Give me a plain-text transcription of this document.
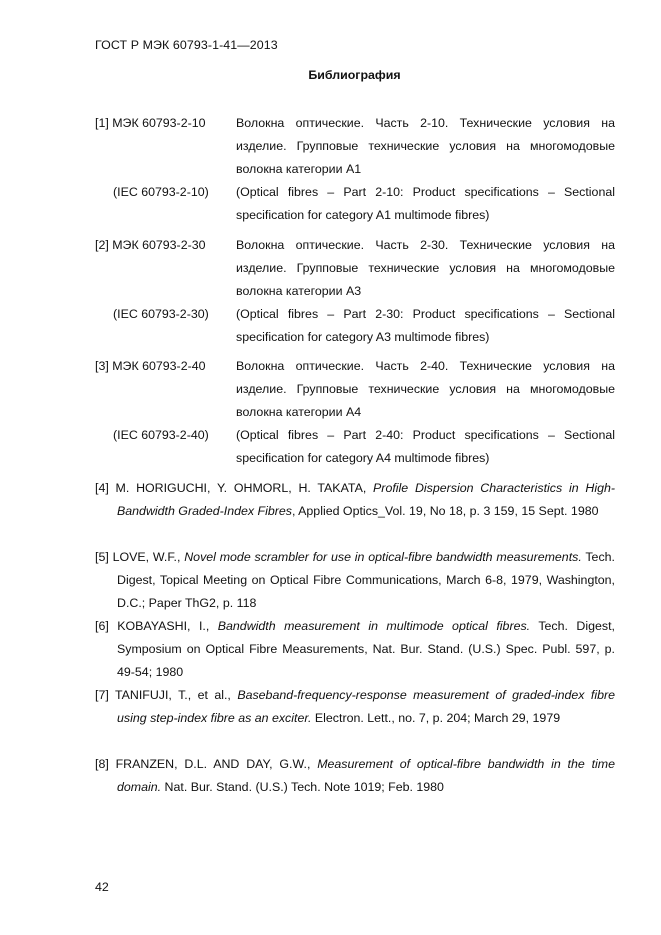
ГОСТ Р МЭК 60793-1-41—2013
Библиография
[1] МЭК 60793-2-10 Волокна оптические. Часть 2-10. Технические условия на изделие. Групповые технические условия на многомодовые волокна категории А1
(IEC 60793-2-10) (Optical fibres – Part 2-10: Product specifications – Sectional specification for category A1 multimode fibres)
[2] МЭК 60793-2-30 Волокна оптические. Часть 2-30. Технические условия на изделие. Групповые технические условия на многомодовые волокна категории А3
(IEC 60793-2-30) (Optical fibres – Part 2-30: Product specifications – Sectional specification for category A3 multimode fibres)
[3] МЭК 60793-2-40 Волокна оптические. Часть 2-40. Технические условия на изделие. Групповые технические условия на многомодовые волокна категории А4
(IEC 60793-2-40) (Optical fibres – Part 2-40: Product specifications – Sectional specification for category A4 multimode fibres)
[4] M. HORIGUCHI, Y. OHMORL, H. TAKATA, Profile Dispersion Characteristics in High-Bandwidth Graded-Index Fibres, Applied Optics_Vol. 19, No 18, p. 3 159, 15 Sept. 1980
[5] LOVE, W.F., Novel mode scrambler for use in optical-fibre bandwidth measurements. Tech. Digest, Topical Meeting on Optical Fibre Communications, March 6-8, 1979, Washington, D.C.; Paper ThG2, p. 118
[6] KOBAYASHI, I., Bandwidth measurement in multimode optical fibres. Tech. Digest, Symposium on Optical Fibre Measurements, Nat. Bur. Stand. (U.S.) Spec. Publ. 597, p. 49-54; 1980
[7] TANIFUJI, T., et al., Baseband-frequency-response measurement of graded-index fibre using step-index fibre as an exciter. Electron. Lett., no. 7, p. 204; March 29, 1979
[8] FRANZEN, D.L. AND DAY, G.W., Measurement of optical-fibre bandwidth in the time domain. Nat. Bur. Stand. (U.S.) Tech. Note 1019; Feb. 1980
42
